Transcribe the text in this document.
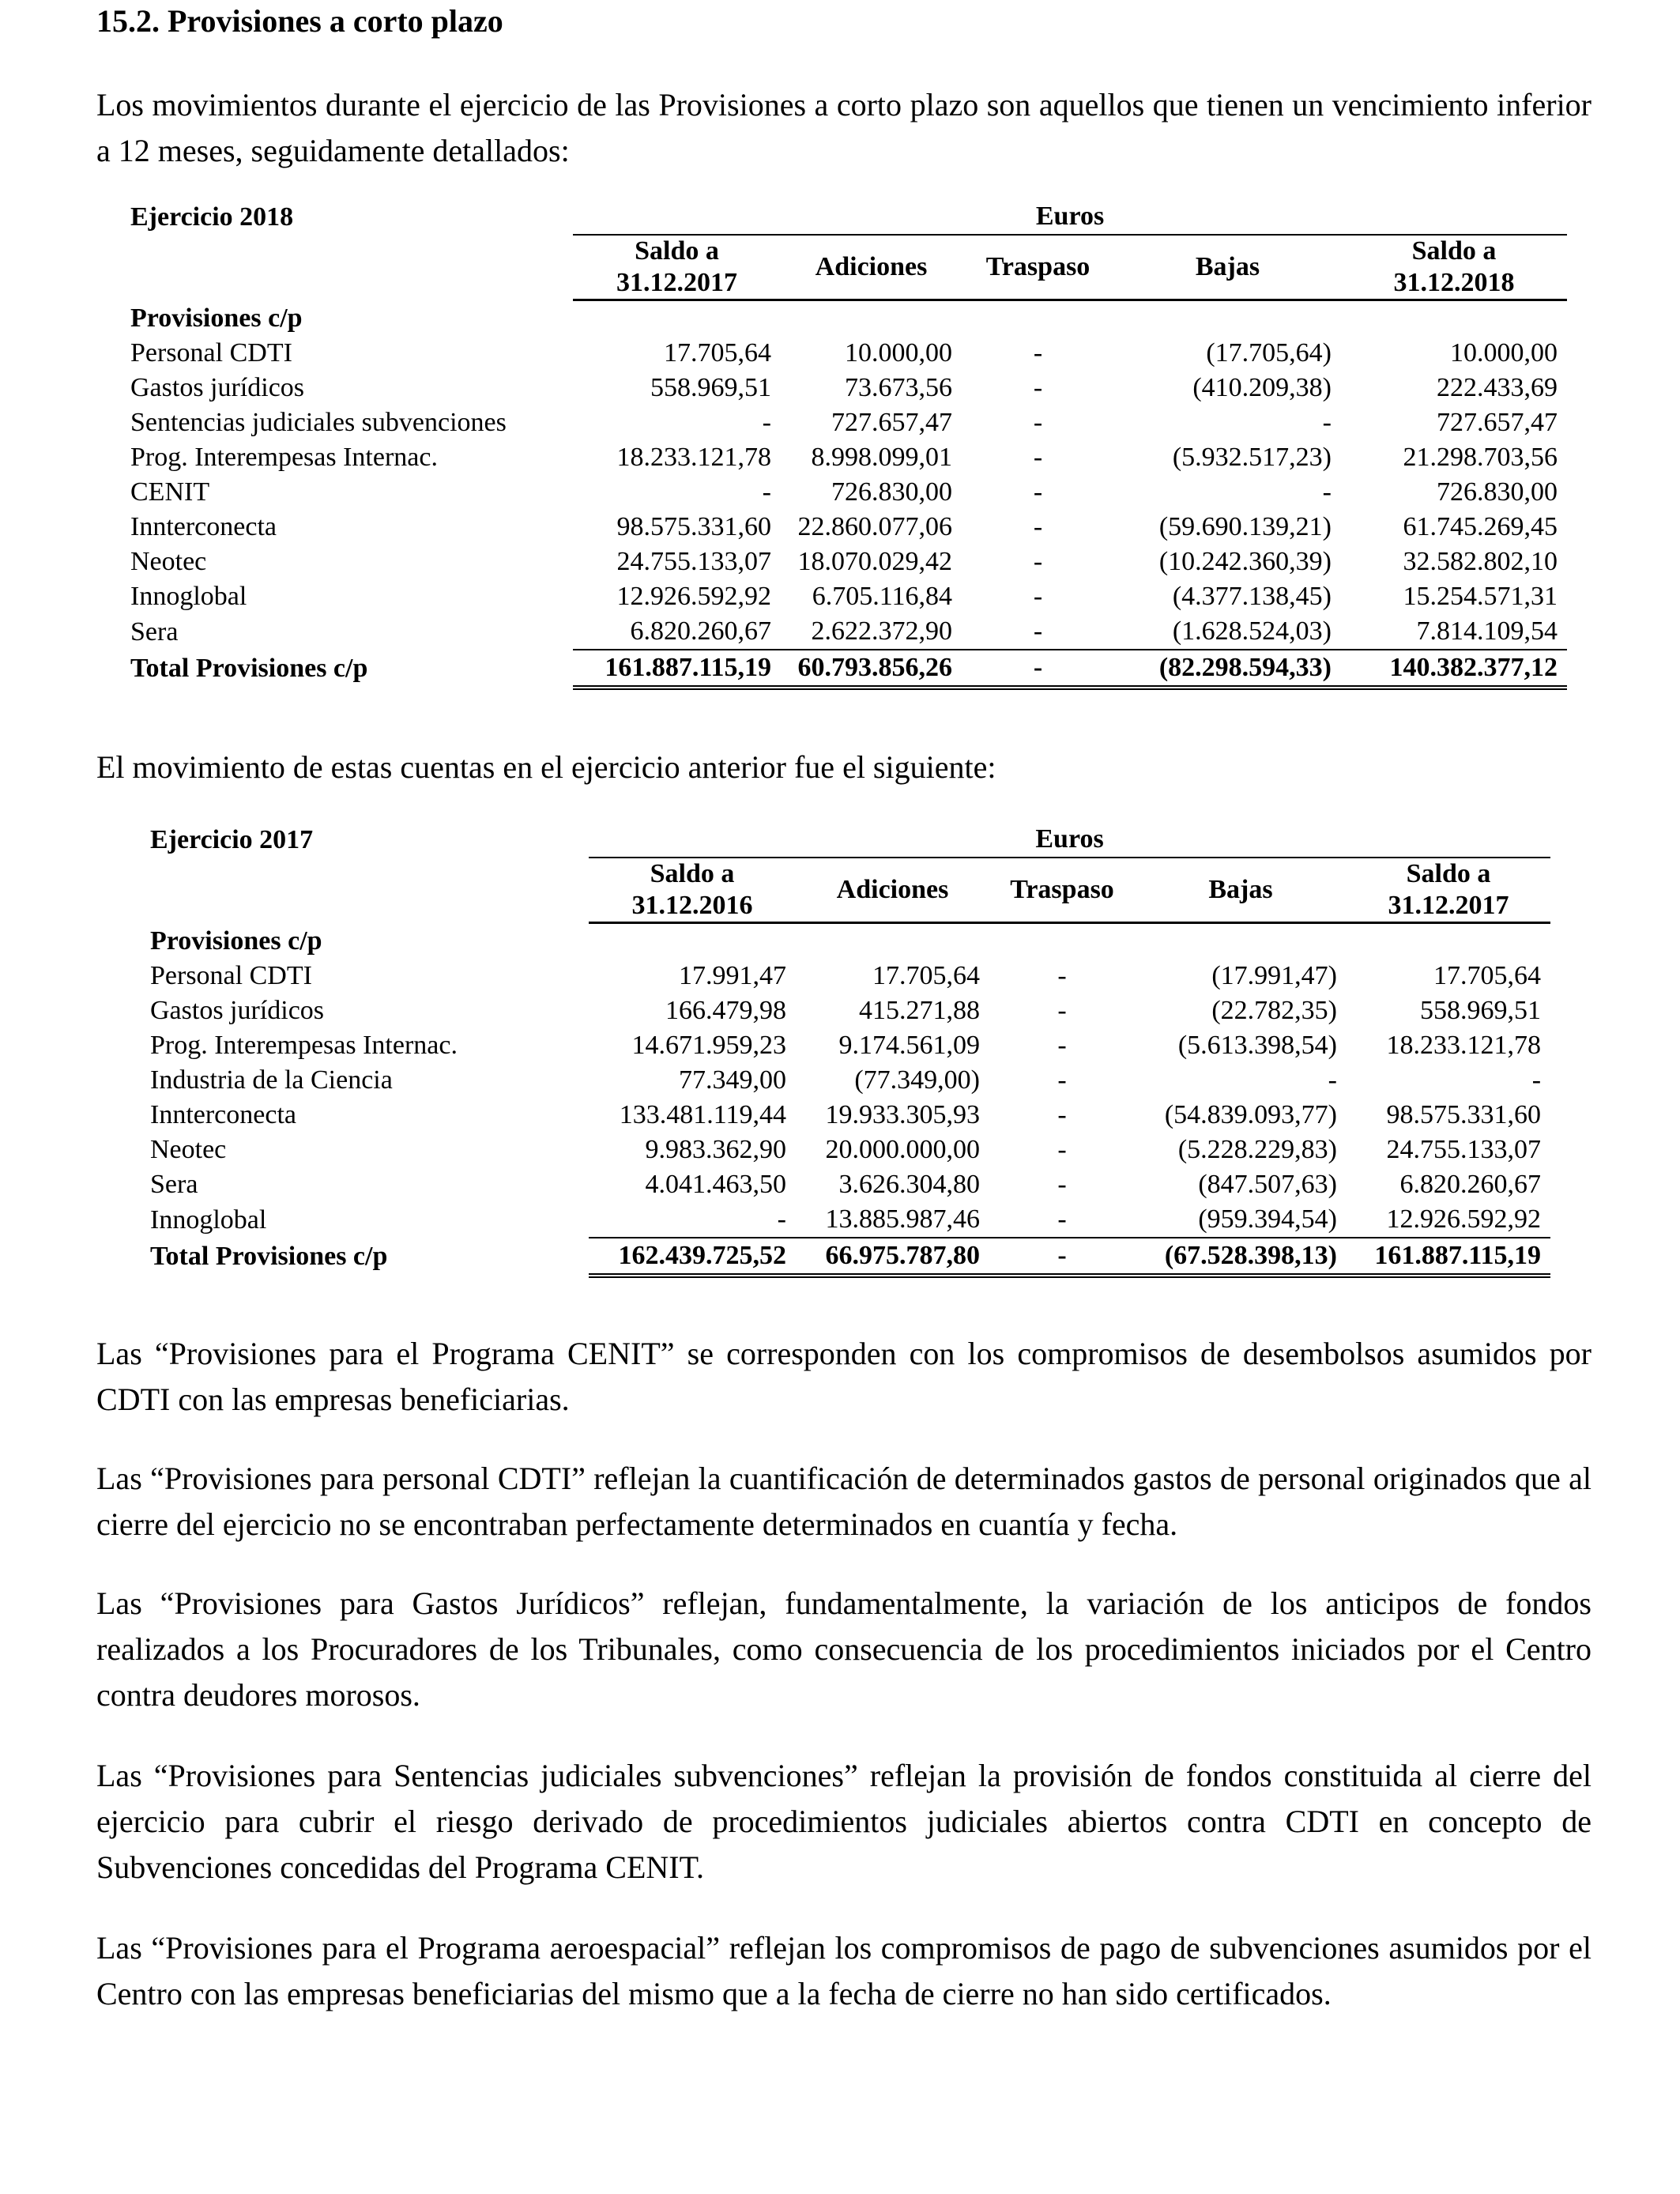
15.2. Provisiones a corto plazo
Los movimientos durante el ejercicio de las Provisiones a corto plazo son aquellos que tienen un vencimiento inferior a 12 meses, seguidamente detallados:
Ejercicio 2018	Euros				
	Saldo a
31.12.2017	Adiciones	Traspaso	Bajas	Saldo a
31.12.2018
Provisiones c/p					
Personal CDTI	17.705,64	10.000,00	-	(17.705,64)	10.000,00
Gastos jurídicos	558.969,51	73.673,56	-	(410.209,38)	222.433,69
Sentencias judiciales subvenciones	-	727.657,47	-	-	727.657,47
Prog. Interempesas Internac.	18.233.121,78	8.998.099,01	-	(5.932.517,23)	21.298.703,56
CENIT	-	726.830,00	-	-	726.830,00
Innterconecta	98.575.331,60	22.860.077,06	-	(59.690.139,21)	61.745.269,45
Neotec	24.755.133,07	18.070.029,42	-	(10.242.360,39)	32.582.802,10
Innoglobal	12.926.592,92	6.705.116,84	-	(4.377.138,45)	15.254.571,31
Sera	6.820.260,67	2.622.372,90	-	(1.628.524,03)	7.814.109,54
Total Provisiones c/p	161.887.115,19	60.793.856,26	-	(82.298.594,33)	140.382.377,12
El movimiento de estas cuentas en el ejercicio anterior fue el siguiente:
Ejercicio 2017	Euros				
	Saldo a
31.12.2016	Adiciones	Traspaso	Bajas	Saldo a
31.12.2017
Provisiones c/p					
Personal CDTI	17.991,47	17.705,64	-	(17.991,47)	17.705,64
Gastos jurídicos	166.479,98	415.271,88	-	(22.782,35)	558.969,51
Prog. Interempesas Internac.	14.671.959,23	9.174.561,09	-	(5.613.398,54)	18.233.121,78
Industria de la Ciencia	77.349,00	(77.349,00)	-	-	-
Innterconecta	133.481.119,44	19.933.305,93	-	(54.839.093,77)	98.575.331,60
Neotec	9.983.362,90	20.000.000,00	-	(5.228.229,83)	24.755.133,07
Sera	4.041.463,50	3.626.304,80	-	(847.507,63)	6.820.260,67
Innoglobal	-	13.885.987,46	-	(959.394,54)	12.926.592,92
Total Provisiones c/p	162.439.725,52	66.975.787,80	-	(67.528.398,13)	161.887.115,19
Las “Provisiones para el Programa CENIT” se corresponden con los compromisos de desembolsos asumidos por CDTI con las empresas beneficiarias.
Las “Provisiones para personal CDTI” reflejan la cuantificación de determinados gastos de personal originados que al cierre del ejercicio no se encontraban perfectamente determinados en cuantía y fecha.
Las “Provisiones para Gastos Jurídicos” reflejan, fundamentalmente, la variación de los anticipos de fondos realizados a los Procuradores de los Tribunales, como consecuencia de los procedimientos iniciados por el Centro contra deudores morosos.
Las “Provisiones para Sentencias judiciales subvenciones” reflejan la provisión de fondos constituida al cierre del ejercicio para cubrir el riesgo derivado de procedimientos judiciales abiertos contra CDTI en concepto de Subvenciones concedidas del Programa CENIT.
Las “Provisiones para el Programa aeroespacial” reflejan los compromisos de pago de subvenciones asumidos por el Centro con las empresas beneficiarias del mismo que a la fecha de cierre no han sido certificados.
